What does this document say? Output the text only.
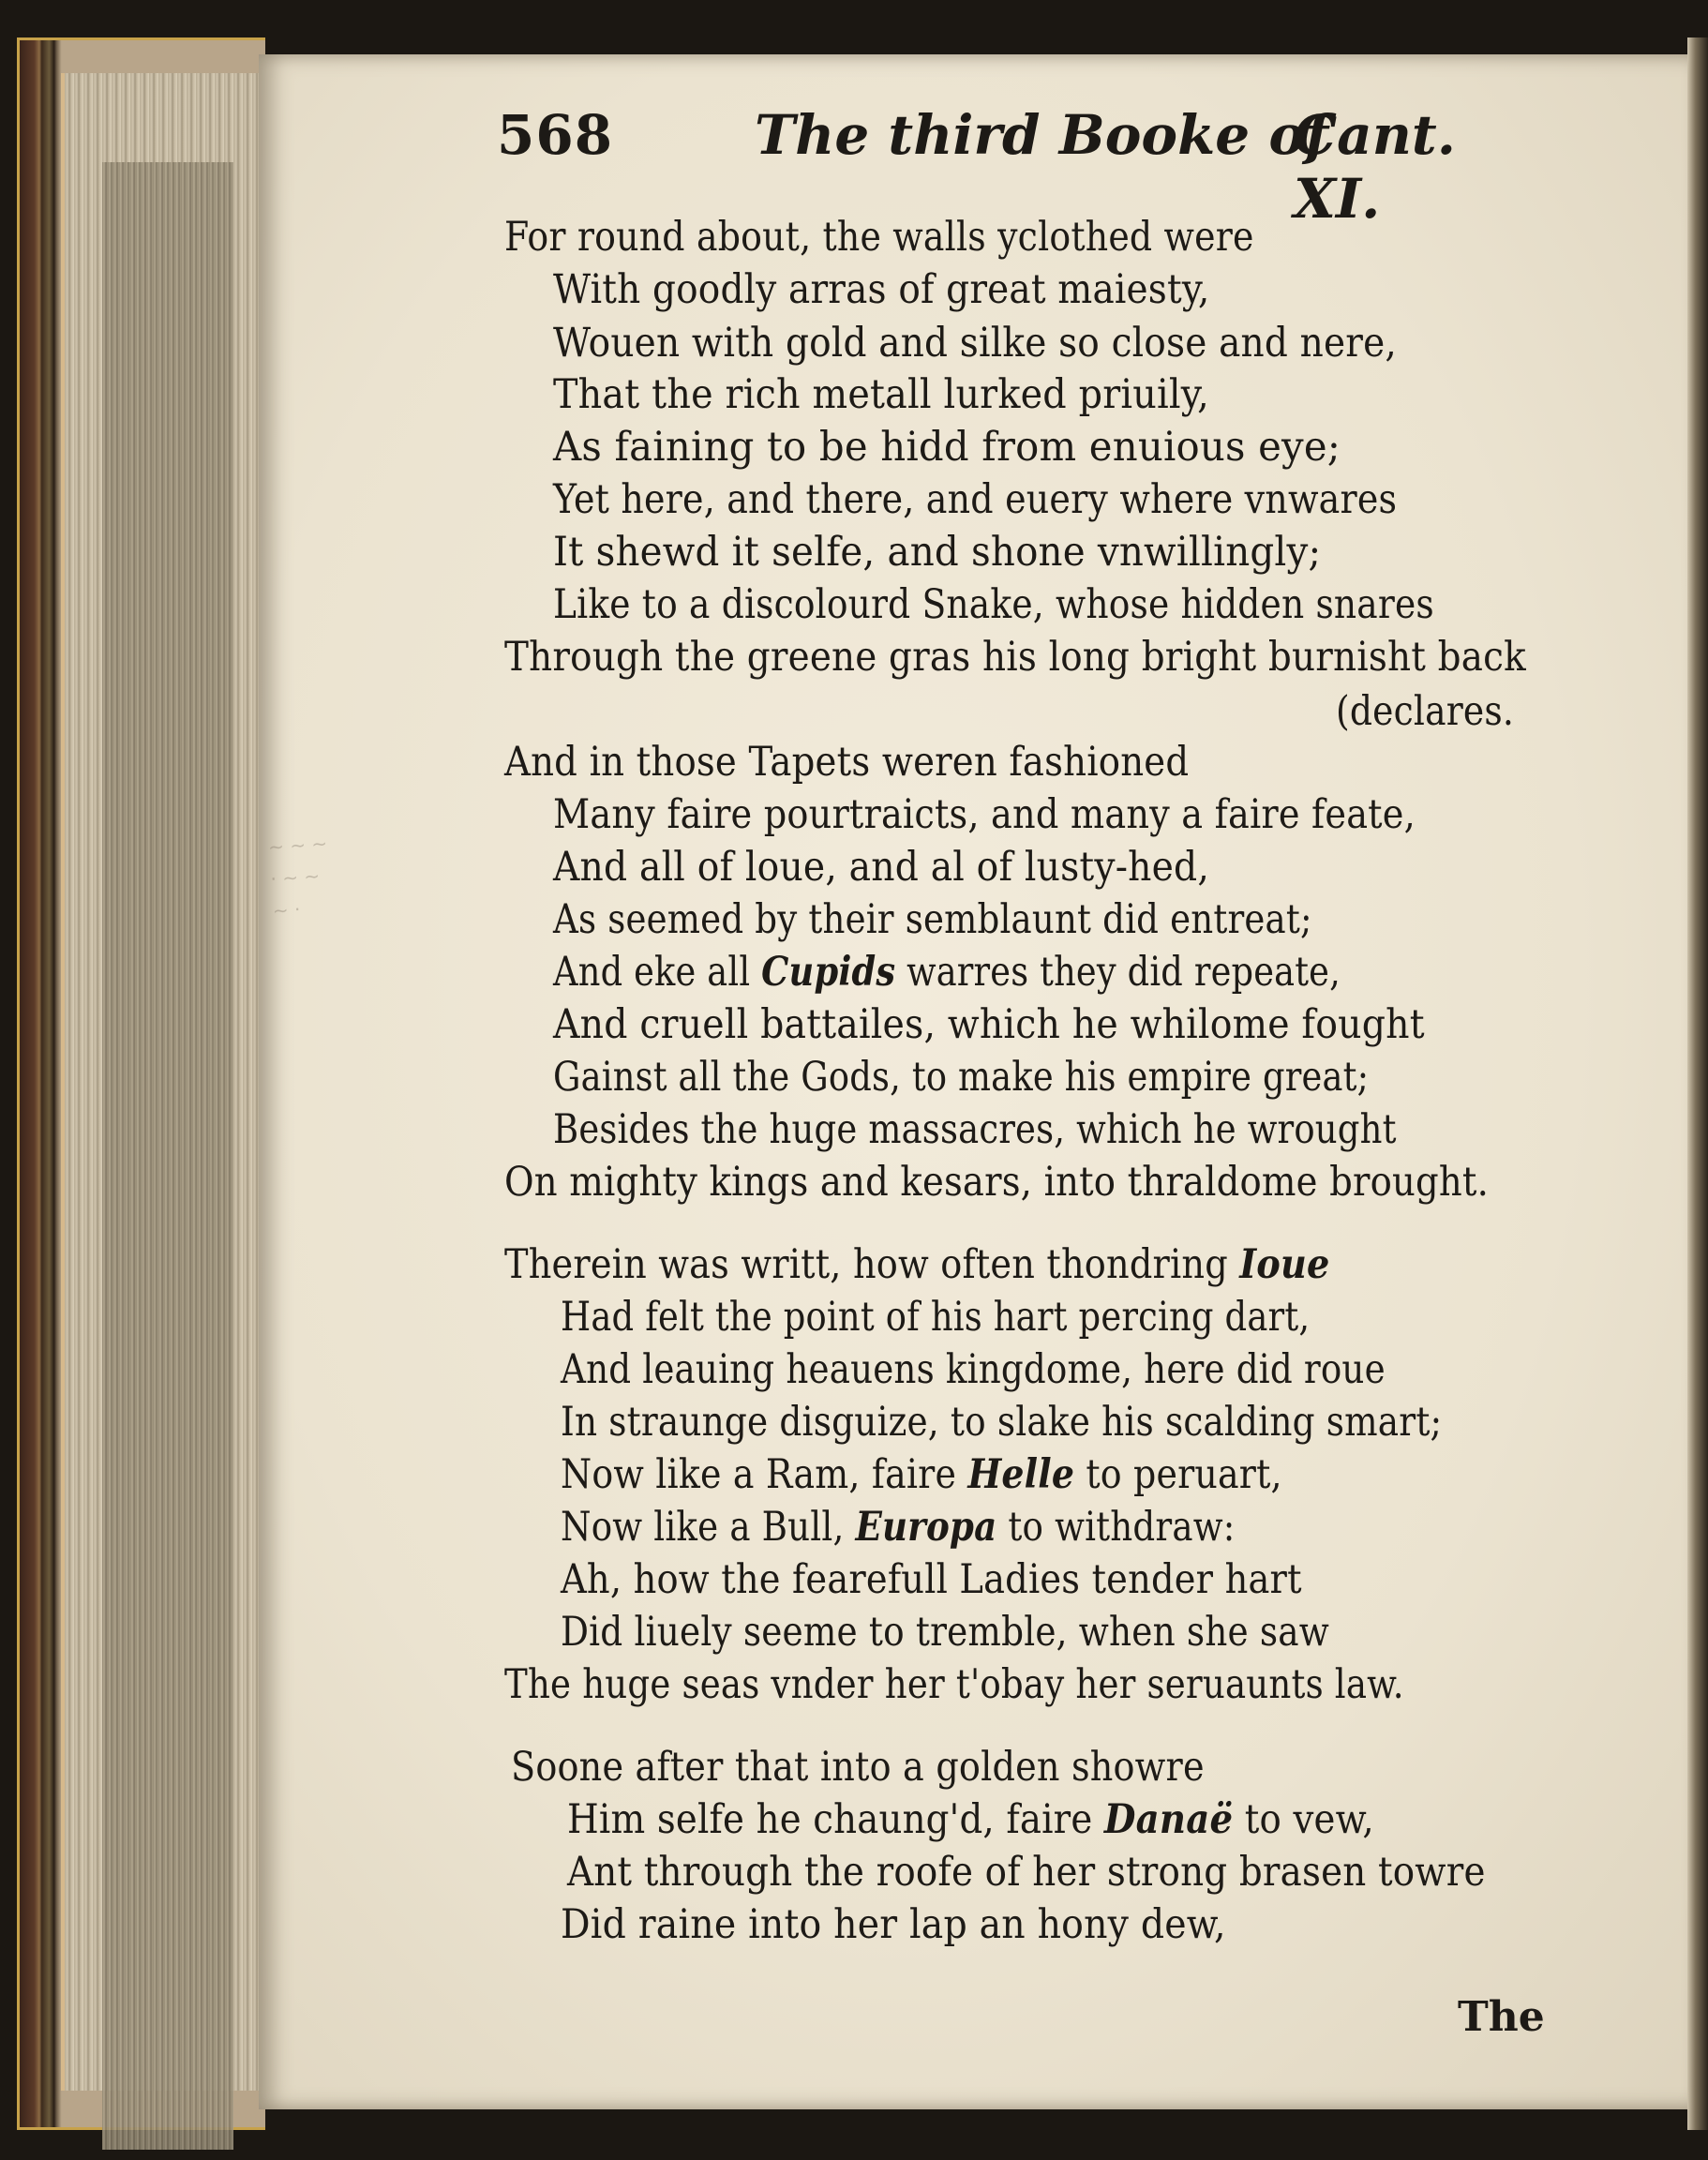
~ ~ ~
· ~ ~
~ ·
568	The third Booke of
Cant. XI.
For round about, the walls yclothed were
With goodly arras of great maiesty,
Wouen with gold and silke so close and nere,
That the rich metall lurked priuily,
As faining to be hidd from enuious eye;
Yet here, and there, and euery where vnwares
It shewd it selfe, and shone vnwillingly;
Like to a discolourd Snake, whose hidden snares
Through the greene gras his long bright burnisht back
(declares.
And in those Tapets weren fashioned
Many faire pourtraicts, and many a faire feate,
And all of loue, and al of lusty-hed,
As seemed by their semblaunt did entreat;
And eke all Cupids warres they did repeate,
And cruell battailes, which he whilome fought
Gainst all the Gods, to make his empire great;
Besides the huge massacres, which he wrought
On mighty kings and kesars, into thraldome brought.
Therein was writt, how often thondring Ioue
Had felt the point of his hart percing dart,
And leauing heauens kingdome, here did roue
In straunge disguize, to slake his scalding smart;
Now like a Ram, faire Helle to peruart,
Now like a Bull, Europa to withdraw:
Ah, how the fearefull Ladies tender hart
Did liuely seeme to tremble, when she saw
The huge seas vnder her t'obay her seruaunts law.
Soone after that into a golden showre
Him selfe he chaung'd, faire Danaë to vew,
Ant through the roofe of her strong brasen towre
Did raine into her lap an hony dew,
The
